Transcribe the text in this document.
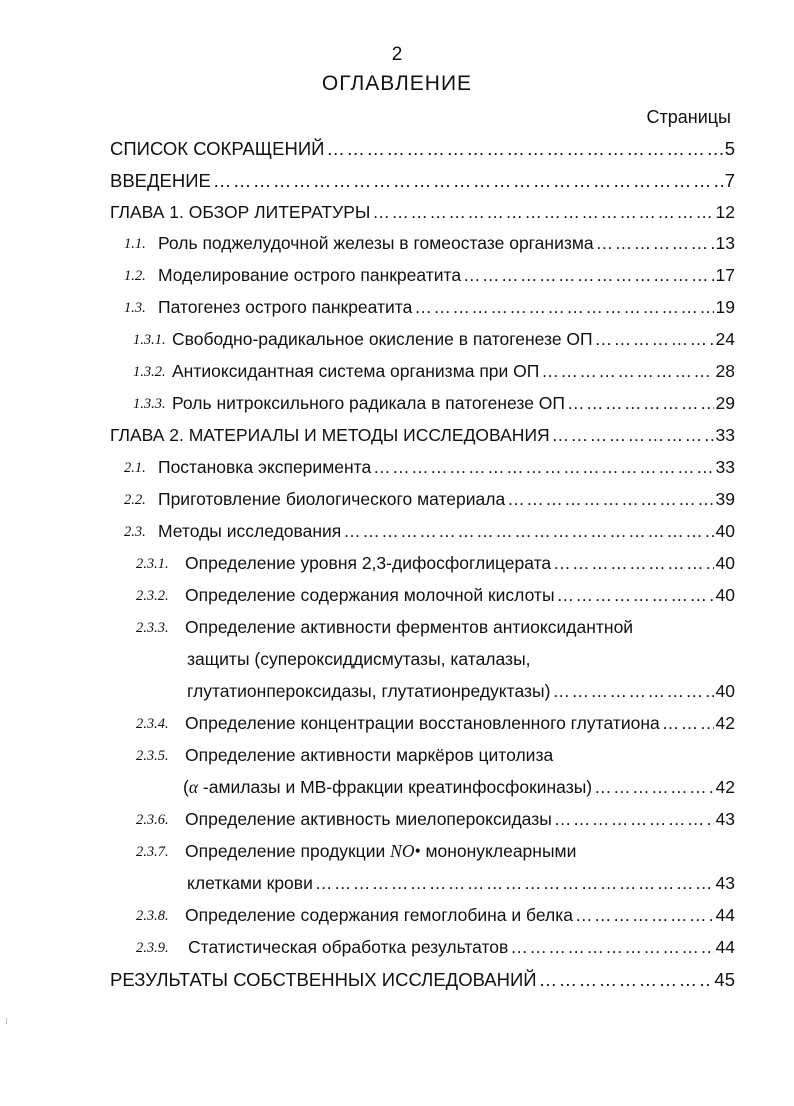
2
ОГЛАВЛЕНИЕ
Страницы
СПИСОК СОКРАЩЕНИЙ ……………………………………………………………………………………………………………………………………	5
ВВЕДЕНИЕ ……………………………………………………………………………………………………………………………………	7
ГЛАВА 1. ОБЗОР ЛИТЕРАТУРЫ ……………………………………………………………………………………………………………………………………	12
1.1. Роль поджелудочной железы в гомеостазе организма ……………………………………………………………………………………………………………………………………	13
1.2. Моделирование острого панкреатита ……………………………………………………………………………………………………………………………………	17
1.3. Патогенез острого панкреатита ……………………………………………………………………………………………………………………………………	19
1.3.1. Свободно-радикальное окисление в патогенезе ОП ……………………………………………………………………………………………………………………………………	24
1.3.2. Антиоксидантная система организма при ОП ……………………………………………………………………………………………………………………………………	28
1.3.3. Роль нитроксильного радикала в патогенезе ОП ……………………………………………………………………………………………………………………………………	29
ГЛАВА 2. МАТЕРИАЛЫ И МЕТОДЫ ИССЛЕДОВАНИЯ ……………………………………………………………………………………………………………………………………	33
2.1. Постановка эксперимента ……………………………………………………………………………………………………………………………………	33
2.2. Приготовление биологического материала ……………………………………………………………………………………………………………………………………	39
2.3. Методы исследования ……………………………………………………………………………………………………………………………………	40
2.3.1. Определение уровня 2,3-дифосфоглицерата ……………………………………………………………………………………………………………………………………	40
2.3.2. Определение содержания молочной кислоты ……………………………………………………………………………………………………………………………………	40
2.3.3. Определение активности ферментов антиоксидантной
защиты (супероксиддисмутазы, каталазы,
глутатионпероксидазы, глутатионредуктазы) ……………………………………………………………………………………………………………………………………	40
2.3.4. Определение концентрации восстановленного глутатиона ……………………………………………………………………………………………………………………………………	42
2.3.5. Определение активности маркёров цитолиза
(α -амилазы и МВ-фракции креатинфосфокиназы) ……………………………………………………………………………………………………………………………………	42
2.3.6. Определение активность миелопероксидазы ……………………………………………………………………………………………………………………………………	43
2.3.7. Определение продукции NO• мононуклеарными
клетками крови ……………………………………………………………………………………………………………………………………	43
2.3.8. Определение содержания гемоглобина и белка ……………………………………………………………………………………………………………………………………	44
2.3.9. Статистическая обработка результатов ……………………………………………………………………………………………………………………………………	44
РЕЗУЛЬТАТЫ СОБСТВЕННЫХ ИССЛЕДОВАНИЙ ……………………………………………………………………………………………………………………………………	45
